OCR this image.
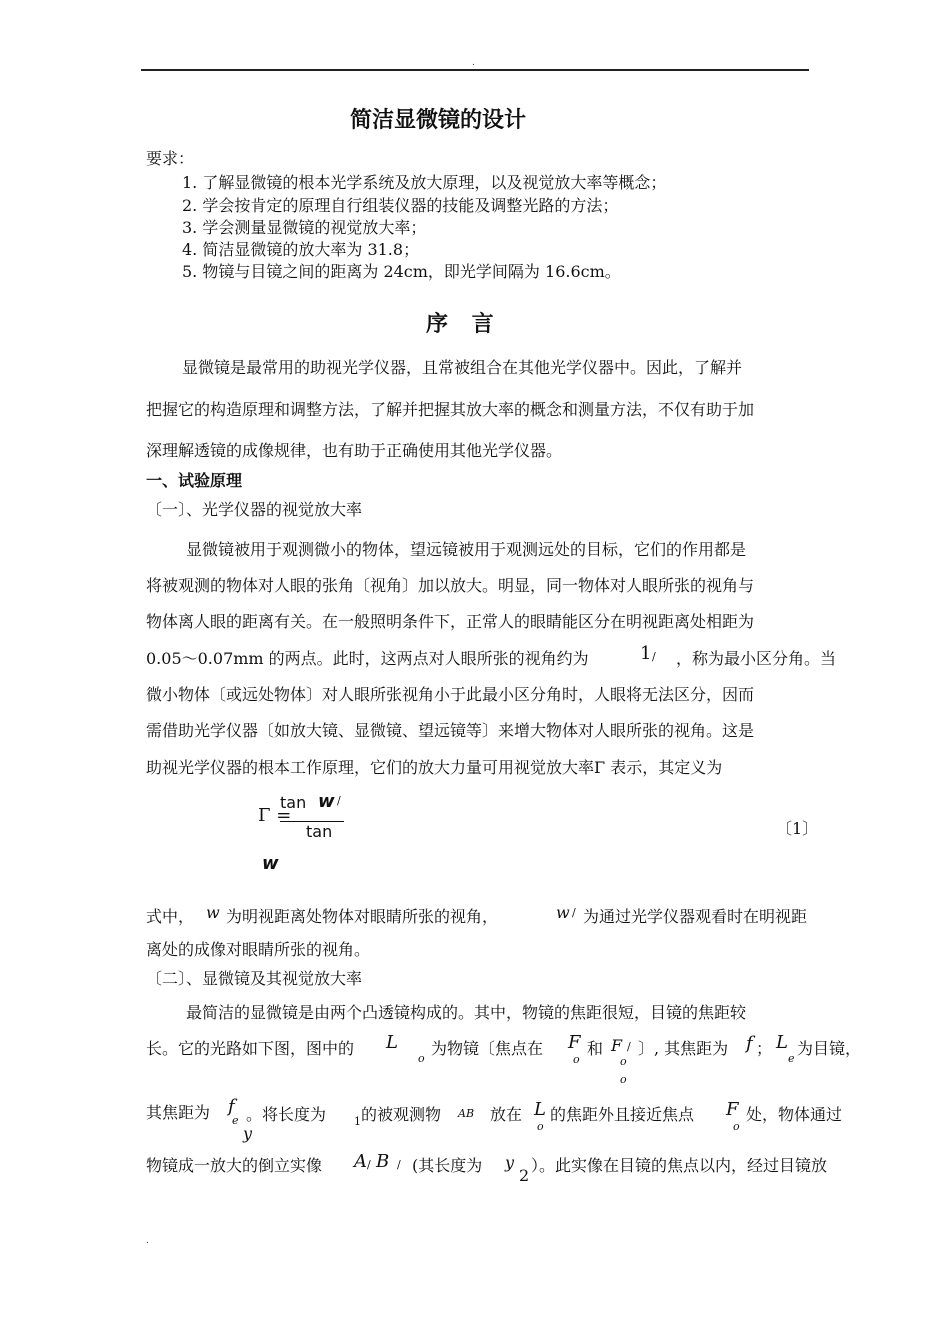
.
简洁显微镜的设计
要求：
1. 了解显微镜的根本光学系统及放大原理，以及视觉放大率等概念；
2. 学会按肯定的原理自行组装仪器的技能及调整光路的方法；
3. 学会测量显微镜的视觉放大率；
4. 简洁显微镜的放大率为 31.8；
5. 物镜与目镜之间的距离为 24cm，即光学间隔为 16.6cm。
序 言
显微镜是最常用的助视光学仪器，且常被组合在其他光学仪器中。因此，了解并
把握它的构造原理和调整方法，了解并把握其放大率的概念和测量方法，不仅有助于加
深理解透镜的成像规律，也有助于正确使用其他光学仪器。
一、试验原理
〔一〕、光学仪器的视觉放大率
显微镜被用于观测微小的物体，望远镜被用于观测远处的目标，它们的作用都是
将被观测的物体对人眼的张角〔视角〕加以放大。明显，同一物体对人眼所张的视角与
物体离人眼的距离有关。在一般照明条件下，正常人的眼睛能区分在明视距离处相距为
0.05～0.07mm 的两点。此时，这两点对人眼所张的视角约为	1 / ，称为最小区分角。当
微小物体〔或远处物体〕对人眼所张视角小于此最小区分角时，人眼将无法区分，因而
需借助光学仪器〔如放大镜、显微镜、望远镜等〕来增大物体对人眼所张的视角。这是
助视光学仪器的根本工作原理，它们的放大力量可用视觉放大率Γ 表示，其定义为
Γ =
tan w /
tan
w
〔1〕
式中， w 为明视距离处物体对眼睛所张的视角，	w / 为通过光学仪器观看时在明视距
离处的成像对眼睛所张的视角。
〔二〕、显微镜及其视觉放大率
最简洁的显微镜是由两个凸透镜构成的。其中，物镜的焦距很短，目镜的焦距较
长。它的光路如下图，图中的 L
o
为物镜〔焦点在 F
o
和 F /
o
o
〕, 其焦距为 f ； L
e
为目镜，
其焦距为 f
e
y
。将长度为	1 的被观测物 AB 放在 L
o
的焦距外且接近焦点 F
o
处，物体通过
物镜成一放大的倒立实像 A / B / (其长度为 y
2
）。此实像在目镜的焦点以内，经过目镜放
.
